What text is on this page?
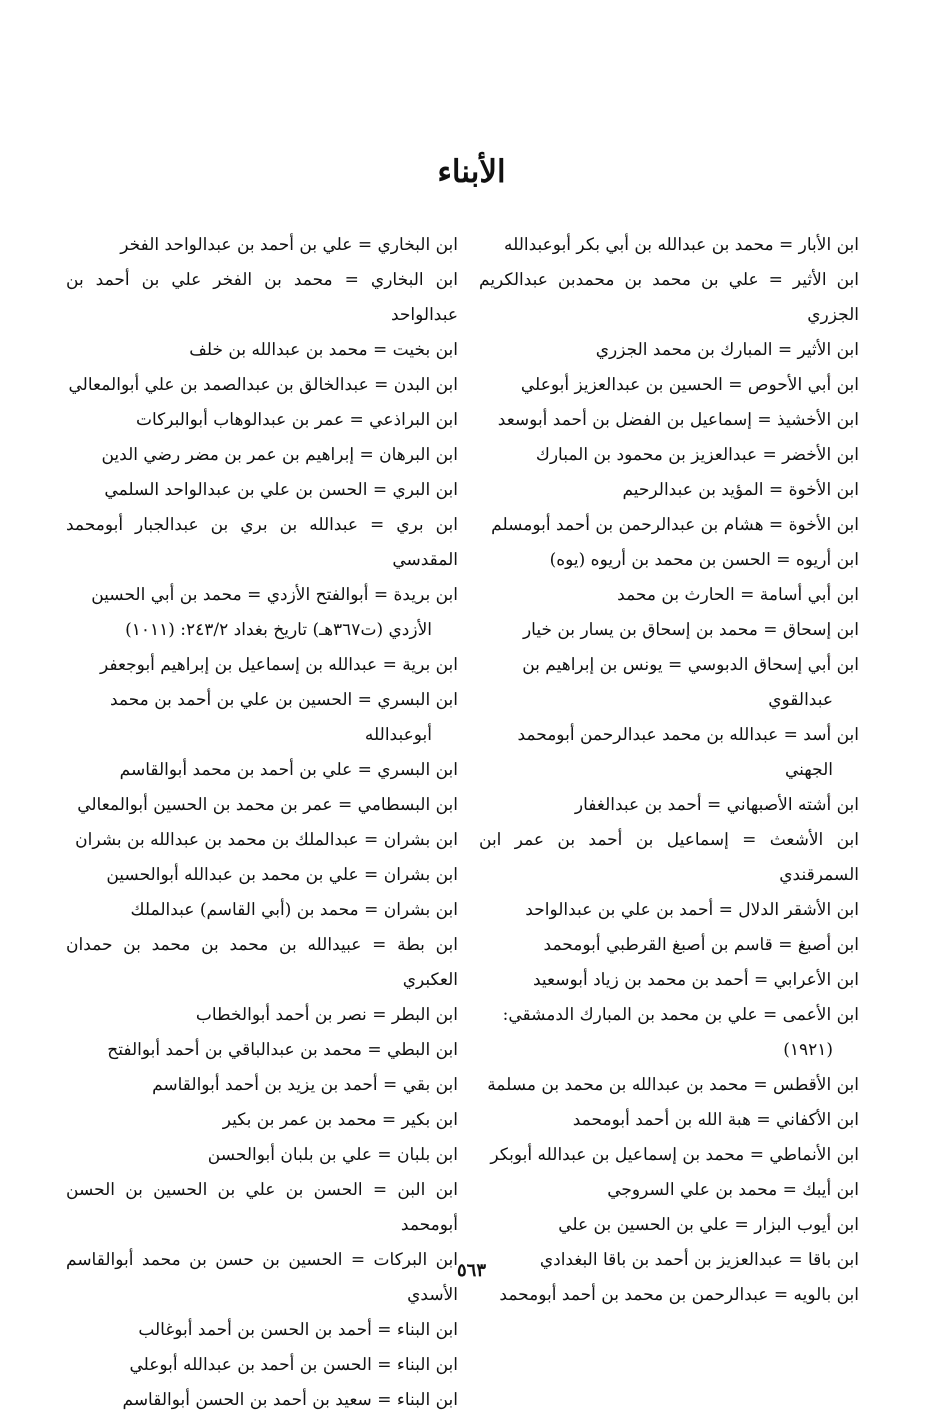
الأبناء

ابن الأبار = محمد بن عبدالله بن أبي بكر أبوعبدالله

ابن الأثير = علي بن محمد بن محمدبن عبدالكريم الجزري

ابن الأثير = المبارك بن محمد الجزري

ابن أبي الأحوص = الحسين بن عبدالعزيز أبوعلي

ابن الأخشيذ = إسماعيل بن الفضل بن أحمد أبوسعد

ابن الأخضر = عبدالعزيز بن محمود بن المبارك

ابن الأخوة = المؤيد بن عبدالرحيم

ابن الأخوة = هشام بن عبدالرحمن بن أحمد أبومسلم

ابن أريوه = الحسن بن محمد بن أريوه (يوه)

ابن أبي أسامة = الحارث بن محمد

ابن إسحاق = محمد بن إسحاق بن يسار بن خيار

ابن أبي إسحاق الدبوسي = يونس بن إبراهيم بن
عبدالقوي

ابن أسد = عبدالله بن محمد عبدالرحمن أبومحمد
الجهني

ابن أشته الأصبهاني = أحمد بن عبدالغفار

ابن الأشعث = إسماعيل بن أحمد بن عمر ابن السمرقندي

ابن الأشقر الدلال = أحمد بن علي بن عبدالواحد

ابن أصبغ = قاسم بن أصبغ القرطبي أبومحمد

ابن الأعرابي = أحمد بن محمد بن زياد أبوسعيد

ابن الأعمى = علي بن محمد بن المبارك الدمشقي:
(١٩٢١)

ابن الأقطس = محمد بن عبدالله بن محمد بن مسلمة

ابن الأكفاني = هبة الله بن أحمد أبومحمد

ابن الأنماطي = محمد بن إسماعيل بن عبدالله أبوبكر

ابن أيبك = محمد بن علي السروجي

ابن أيوب البزار = علي بن الحسين بن علي

ابن باقا = عبدالعزيز بن أحمد بن باقا البغدادي

ابن بالويه = عبدالرحمن بن محمد بن أحمد أبومحمد

ابن البخاري = علي بن أحمد بن عبدالواحد الفخر

ابن البخاري = محمد بن الفخر علي بن أحمد بن عبدالواحد

ابن بخيت = محمد بن عبدالله بن خلف

ابن البدن = عبدالخالق بن عبدالصمد بن علي أبوالمعالي

ابن البراذعي = عمر بن عبدالوهاب أبوالبركات

ابن البرهان = إبراهيم بن عمر بن مضر رضي الدين

ابن البري = الحسن بن علي بن عبدالواحد السلمي

ابن بري = عبدالله بن بري بن عبدالجبار أبومحمد المقدسي

ابن بريدة = أبوالفتح الأزدي = محمد بن أبي الحسين
الأزدي (ت٣٦٧هـ) تاريخ بغداد ٢٤٣/٢: (١٠١١)

ابن برية = عبدالله بن إسماعيل بن إبراهيم أبوجعفر

ابن البسري = الحسين بن علي بن أحمد بن محمد
أبوعبدالله

ابن البسري = علي بن أحمد بن محمد أبوالقاسم

ابن البسطامي = عمر بن محمد بن الحسين أبوالمعالي

ابن بشران = عبدالملك بن محمد بن عبدالله بن بشران

ابن بشران = علي بن محمد بن عبدالله أبوالحسين

ابن بشران = محمد بن (أبي القاسم) عبدالملك

ابن بطة = عبيدالله بن محمد بن محمد بن حمدان العكبري

ابن البطر = نصر بن أحمد أبوالخطاب

ابن البطي = محمد بن عبدالباقي بن أحمد أبوالفتح

ابن بقي = أحمد بن يزيد بن أحمد أبوالقاسم

ابن بكير = محمد بن عمر بن بكير

ابن بلبان = علي بن بلبان أبوالحسن

ابن البن = الحسن بن علي بن الحسين بن الحسن أبومحمد

ابن البركات = الحسين بن حسن بن محمد أبوالقاسم الأسدي

ابن البناء = أحمد بن الحسن بن أحمد أبوغالب

ابن البناء = الحسن بن أحمد بن عبدالله أبوعلي

ابن البناء = سعيد بن أحمد بن الحسن أبوالقاسم

٥٦٣
